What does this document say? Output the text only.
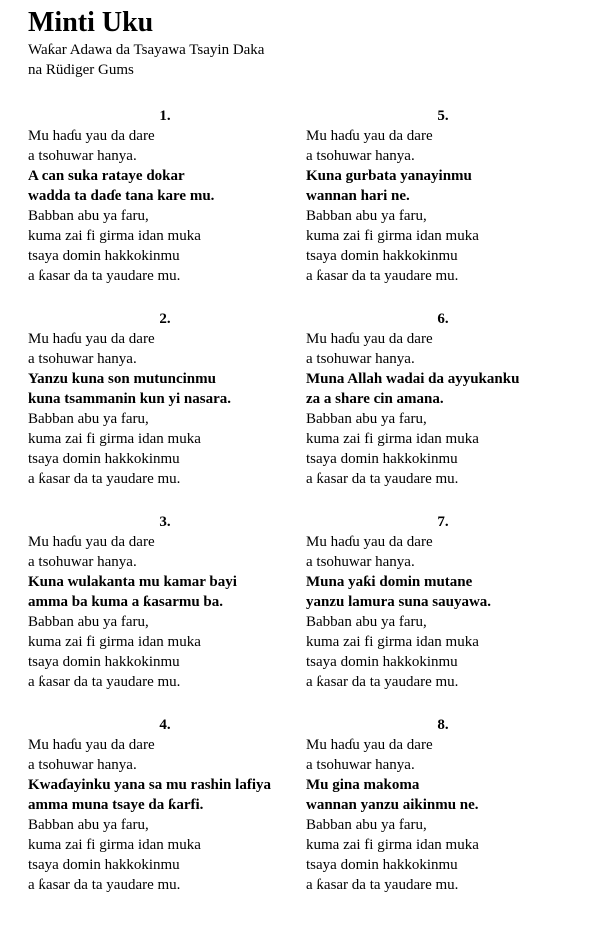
Minti Uku
Waƙar Adawa da Tsayawa Tsayin Daka
na Rüdiger Gums
1.
Mu haɗu yau da dare
a tsohuwar hanya.
A can suka rataye dokar
wadda ta daɗe tana kare mu.
Babban abu ya faru,
kuma zai fi girma idan muka
tsaya domin hakkokinmu
a ƙasar da ta yaudare mu.
2.
Mu haɗu yau da dare
a tsohuwar hanya.
Yanzu kuna son mutuncinmu
kuna tsammanin kun yi nasara.
Babban abu ya faru,
kuma zai fi girma idan muka
tsaya domin hakkokinmu
a ƙasar da ta yaudare mu.
3.
Mu haɗu yau da dare
a tsohuwar hanya.
Kuna wulakanta mu kamar bayi
amma ba kuma a ƙasarmu ba.
Babban abu ya faru,
kuma zai fi girma idan muka
tsaya domin hakkokinmu
a ƙasar da ta yaudare mu.
4.
Mu haɗu yau da dare
a tsohuwar hanya.
Kwaɗayinku yana sa mu rashin lafiya
amma muna tsaye da ƙarfi.
Babban abu ya faru,
kuma zai fi girma idan muka
tsaya domin hakkokinmu
a ƙasar da ta yaudare mu.
5.
Mu haɗu yau da dare
a tsohuwar hanya.
Kuna gurbata yanayinmu
wannan hari ne.
Babban abu ya faru,
kuma zai fi girma idan muka
tsaya domin hakkokinmu
a ƙasar da ta yaudare mu.
6.
Mu haɗu yau da dare
a tsohuwar hanya.
Muna Allah wadai da ayyukanku
za a share cin amana.
Babban abu ya faru,
kuma zai fi girma idan muka
tsaya domin hakkokinmu
a ƙasar da ta yaudare mu.
7.
Mu haɗu yau da dare
a tsohuwar hanya.
Muna yaƙi domin mutane
yanzu lamura suna sauyawa.
Babban abu ya faru,
kuma zai fi girma idan muka
tsaya domin hakkokinmu
a ƙasar da ta yaudare mu.
8.
Mu haɗu yau da dare
a tsohuwar hanya.
Mu gina makoma
wannan yanzu aikinmu ne.
Babban abu ya faru,
kuma zai fi girma idan muka
tsaya domin hakkokinmu
a ƙasar da ta yaudare mu.
